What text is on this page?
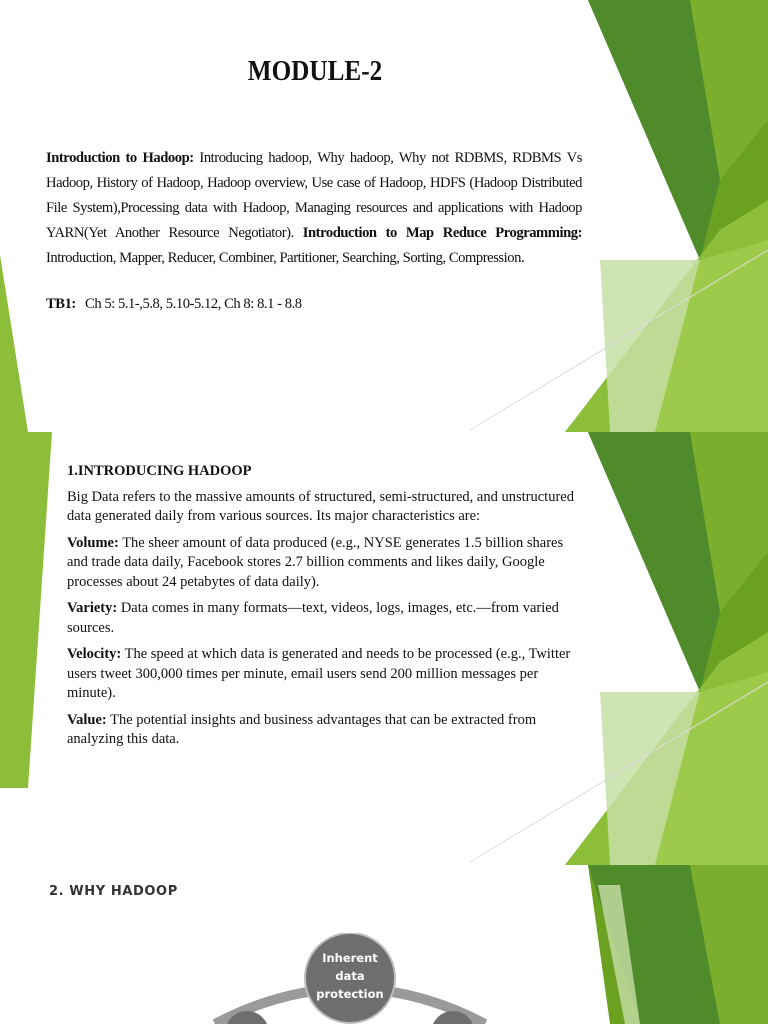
MODULE-2
Introduction to Hadoop: Introducing hadoop, Why hadoop, Why not RDBMS, RDBMS Vs Hadoop, History of Hadoop, Hadoop overview, Use case of Hadoop, HDFS (Hadoop Distributed File System),Processing data with Hadoop, Managing resources and applications with Hadoop YARN(Yet Another Resource Negotiator). Introduction to Map Reduce Programming: Introduction, Mapper, Reducer, Combiner, Partitioner, Searching, Sorting, Compression.
TB1: Ch 5: 5.1-,5.8, 5.10-5.12, Ch 8: 8.1 - 8.8

1.INTRODUCING HADOOP

Big Data refers to the massive amounts of structured, semi-structured, and unstructured data generated daily from various sources. Its major characteristics are:

Volume: The sheer amount of data produced (e.g., NYSE generates 1.5 billion shares and trade data daily, Facebook stores 2.7 billion comments and likes daily, Google processes about 24 petabytes of data daily).

Variety: Data comes in many formats—text, videos, logs, images, etc.—from varied sources.

Velocity: The speed at which data is generated and needs to be processed (e.g., Twitter users tweet 300,000 times per minute, email users send 200 million messages per minute).

Value: The potential insights and business advantages that can be extracted from analyzing this data.

2. WHY HADOOP
Inherent
data
protection
